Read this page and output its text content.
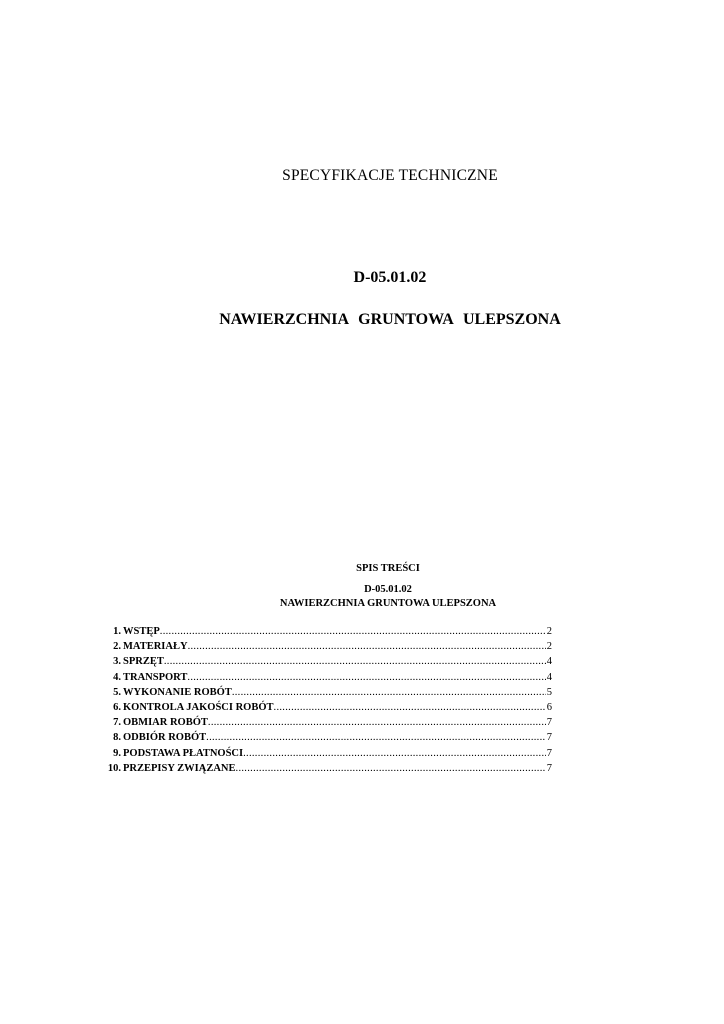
SPECYFIKACJE TECHNICZNE
D-05.01.02
NAWIERZCHNIA GRUNTOWA ULEPSZONA
SPIS TREŚCI
D-05.01.02
NAWIERZCHNIA GRUNTOWA ULEPSZONA
1. WSTĘP .....	2
2. MATERIAŁY .....	2
3. SPRZĘT .....	4
4. TRANSPORT .....	4
5. WYKONANIE ROBÓT .....	5
6. KONTROLA JAKOŚCI ROBÓT .....	6
7. OBMIAR ROBÓT .....	7
8. ODBIÓR ROBÓT .....	7
9. PODSTAWA PŁATNOŚCI .....	7
10. PRZEPISY ZWIĄZANE .....	7
